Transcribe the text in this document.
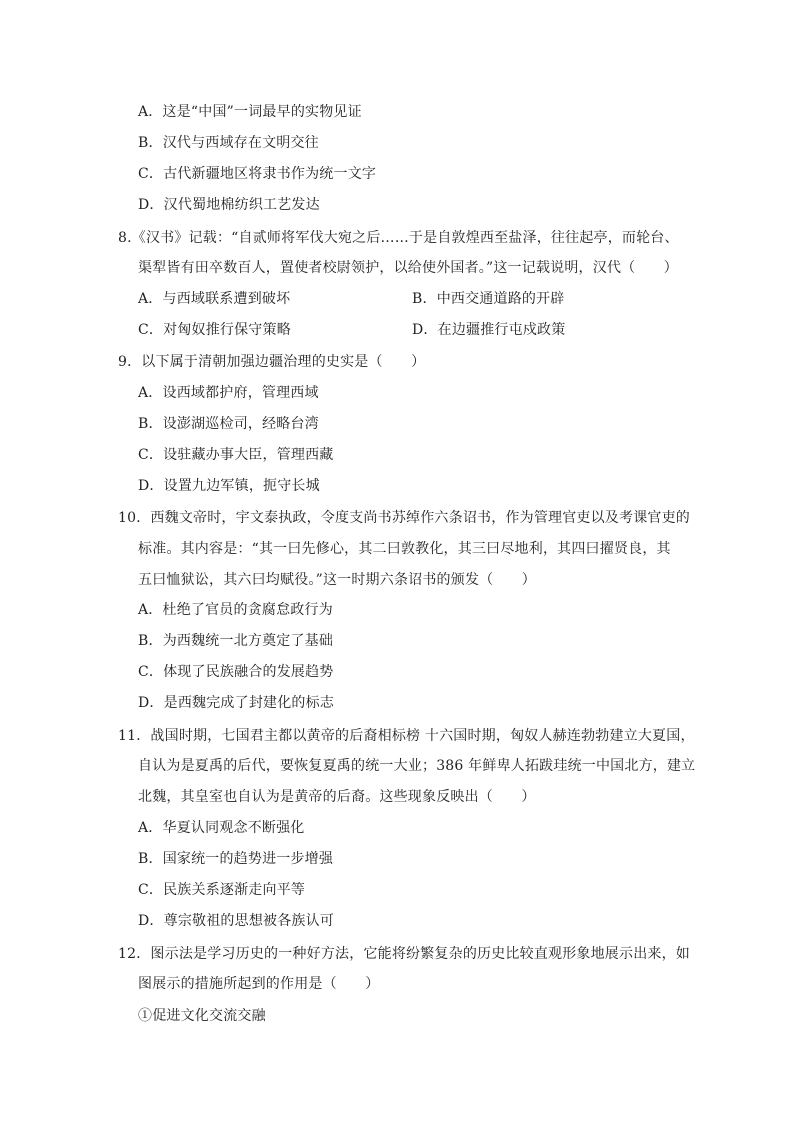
A．这是“中国”一词最早的实物见证
B．汉代与西域存在文明交往
C．古代新疆地区将隶书作为统一文字
D．汉代蜀地棉纺织工艺发达
8.《汉书》记载：“自贰师将军伐大宛之后……于是自敦煌西至盐泽，往往起亭，而轮台、
渠犁皆有田卒数百人，置使者校尉领护，以给使外国者。”这一记载说明，汉代（　　）
A．与西域联系遭到破坏	B．中西交通道路的开辟
C．对匈奴推行保守策略	D．在边疆推行屯戍政策
9．以下属于清朝加强边疆治理的史实是（　　）
A．设西域都护府，管理西域
B．设澎湖巡检司，经略台湾
C．设驻藏办事大臣，管理西藏
D．设置九边军镇，扼守长城
10．西魏文帝时，宇文泰执政，令度支尚书苏绰作六条诏书，作为管理官吏以及考课官吏的
标准。其内容是：“其一曰先修心，其二曰敦教化，其三曰尽地利，其四曰擢贤良，其
五曰恤狱讼，其六曰均赋役。”这一时期六条诏书的颁发（　　）
A．杜绝了官员的贪腐怠政行为
B．为西魏统一北方奠定了基础
C．体现了民族融合的发展趋势
D．是西魏完成了封建化的标志
11．战国时期，七国君主都以黄帝的后裔相标榜 十六国时期，匈奴人赫连勃勃建立大夏国，
自认为是夏禹的后代，要恢复夏禹的统一大业；386 年鲜卑人拓跋珪统一中国北方，建立
北魏，其皇室也自认为是黄帝的后裔。这些现象反映出（　　）
A．华夏认同观念不断强化
B．国家统一的趋势进一步增强
C．民族关系逐渐走向平等
D．尊宗敬祖的思想被各族认可
12．图示法是学习历史的一种好方法，它能将纷繁复杂的历史比较直观形象地展示出来，如
图展示的措施所起到的作用是（　　）
①促进文化交流交融
